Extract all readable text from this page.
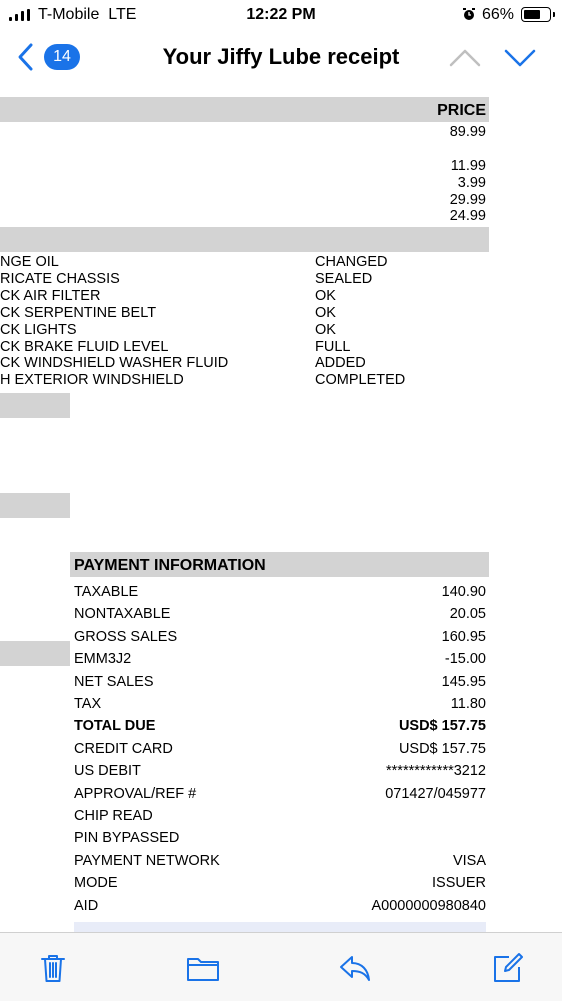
T-Mobile LTE	12:22 PM	66%
14	Your Jiffy Lube receipt
PRICE
89.99
11.99
3.99
29.99
24.99
NGE OIL	CHANGED
RICATE CHASSIS	SEALED
CK AIR FILTER	OK
CK SERPENTINE BELT	OK
CK LIGHTS	OK
CK BRAKE FLUID LEVEL	FULL
CK WINDSHIELD WASHER FLUID	ADDED
H EXTERIOR WINDSHIELD	COMPLETED
PAYMENT INFORMATION
TAXABLE	140.90
NONTAXABLE	20.05
GROSS SALES	160.95
EMM3J2	-15.00
NET SALES	145.95
TAX	11.80
TOTAL DUE	USD$ 157.75
CREDIT CARD	USD$ 157.75
US DEBIT	************3212
APPROVAL/REF #	071427/045977
CHIP READ
PIN BYPASSED
PAYMENT NETWORK	VISA
MODE	ISSUER
AID	A0000000980840
